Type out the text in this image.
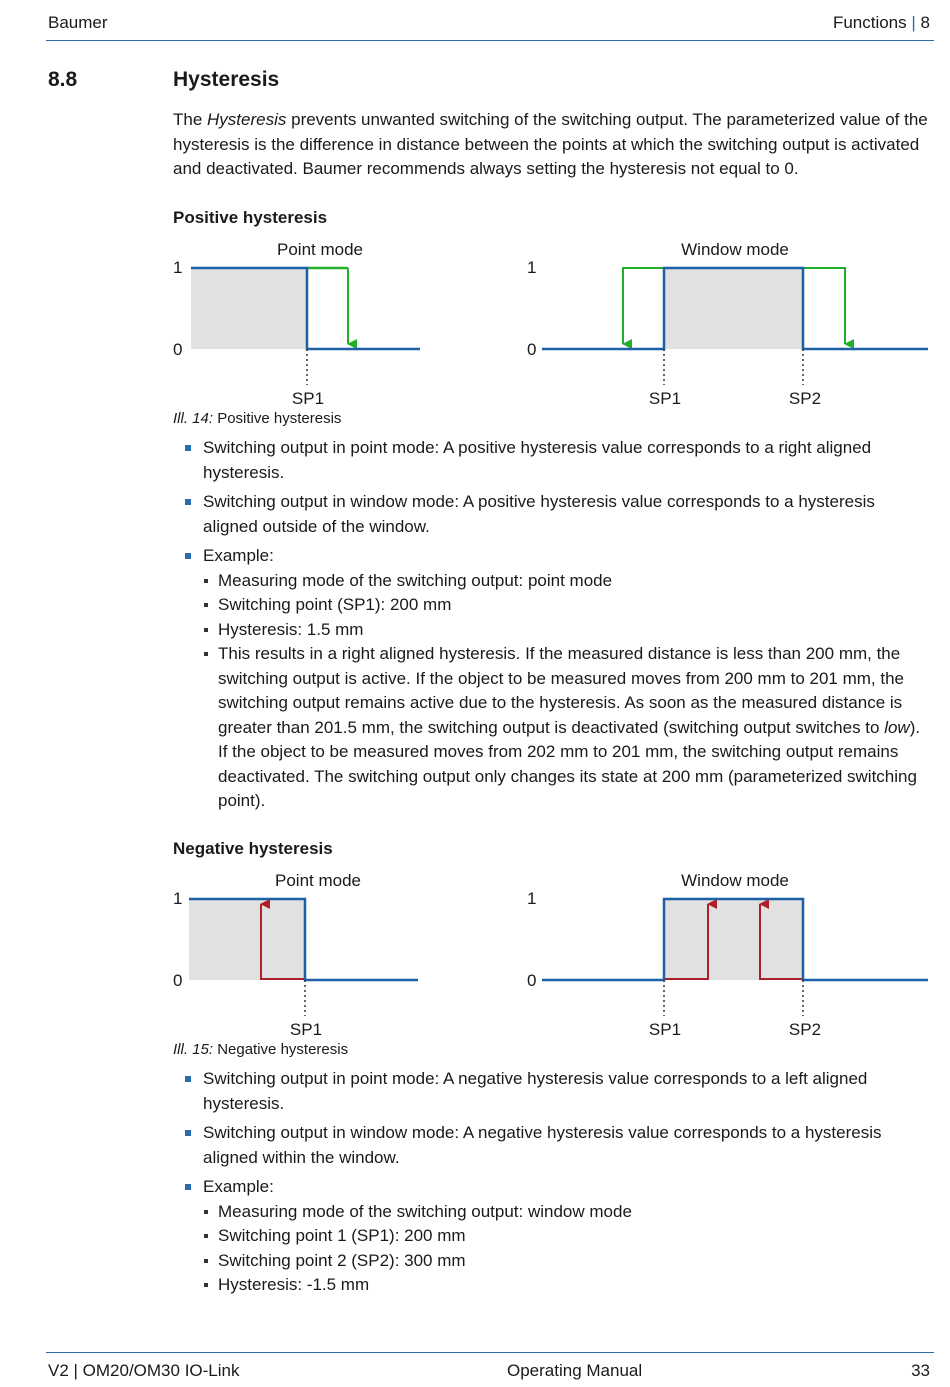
Baumer	Functions | 8
8.8	Hysteresis

The Hysteresis prevents unwanted switching of the switching output. The parameterized value of the hysteresis is the difference in distance between the points at which the switching output is activated and deactivated. Baumer recommends always setting the hysteresis not equal to 0.

Positive hysteresis
Point mode
1
0
SP1
Window mode
1
0
SP1	SP2
Ill. 14: Positive hysteresis
Switching output in point mode: A positive hysteresis value corresponds to a right aligned hysteresis.
Switching output in window mode: A positive hysteresis value corresponds to a hysteresis aligned outside of the window.
Example:
Measuring mode of the switching output: point mode
Switching point (SP1): 200 mm
Hysteresis: 1.5 mm
This results in a right aligned hysteresis. If the measured distance is less than 200 mm, the switching output is active. If the object to be measured moves from 200 mm to 201 mm, the switching output remains active due to the hysteresis. As soon as the measured distance is greater than 201.5 mm, the switching output is deactivated (switching output switches to low). If the object to be measured moves from 202 mm to 201 mm, the switching output remains deactivated. The switching output only changes its state at 200 mm (parameterized switching point).
Negative hysteresis
Point mode
1
0
SP1
Window mode
1
0
SP1	SP2
Ill. 15: Negative hysteresis
Switching output in point mode: A negative hysteresis value corresponds to a left aligned hysteresis.
Switching output in window mode: A negative hysteresis value corresponds to a hysteresis aligned within the window.
Example:
Measuring mode of the switching output: window mode
Switching point 1 (SP1): 200 mm
Switching point 2 (SP2): 300 mm
Hysteresis: -1.5 mm
V2 | OM20/OM30 IO-Link	Operating Manual	33
